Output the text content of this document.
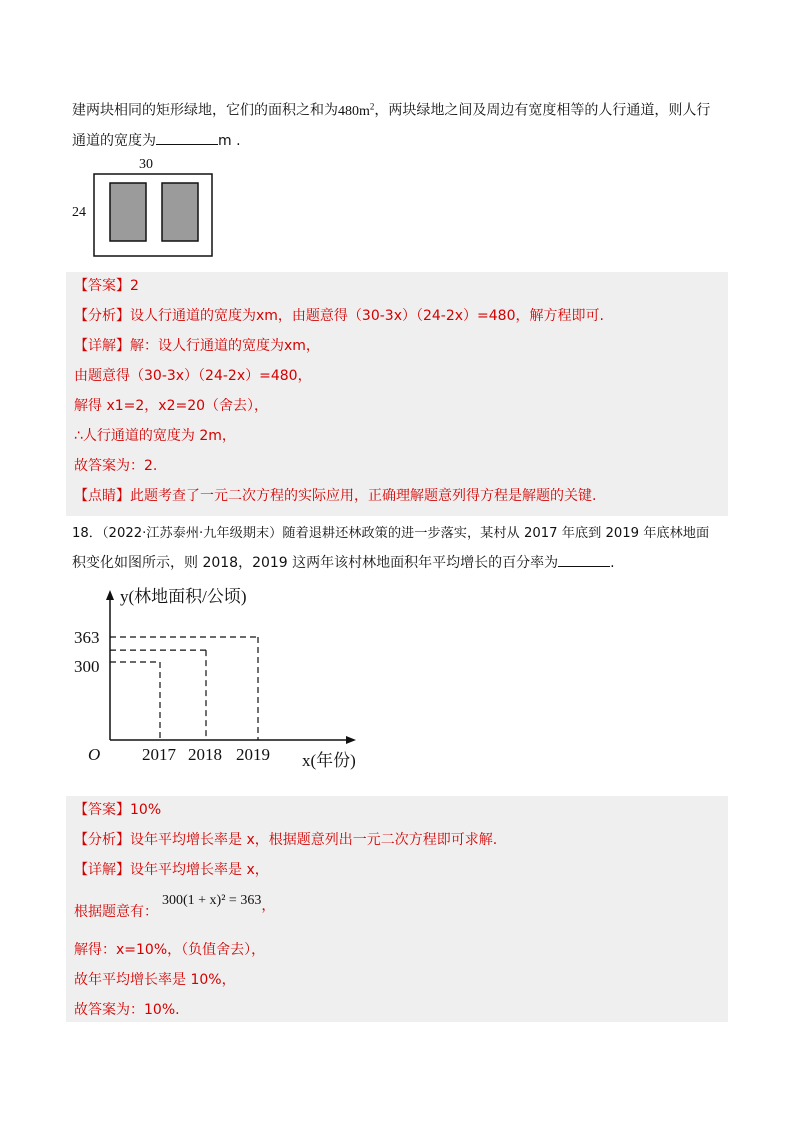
建两块相同的矩形绿地，它们的面积之和为$480m^2$，两块绿地之间及周边有宽度相等的人行通道，则人行
通道的宽度为	m .
30
24
【答案】2
【分析】设人行通道的宽度为xm，由题意得（30-3x）（24-2x）=480，解方程即可.
【详解】解：设人行通道的宽度为xm，
由题意得（30-3x）（24-2x）=480，
解得 x1=2，x2=20（舍去），
∴人行通道的宽度为 2m，
故答案为：2.
【点睛】此题考查了一元二次方程的实际应用，正确理解题意列得方程是解题的关键.
18．（2022·江苏泰州·九年级期末）随着退耕还林政策的进一步落实，某村从 2017 年底到 2019 年底林地面
积变化如图所示，则 2018，2019 这两年该村林地面积年平均增长的百分率为	.
y(林地面积/公顷)
x(年份)
O 2017 2018 2019
363
300
【答案】10%
【分析】设年平均增长率是 x，根据题意列出一元二次方程即可求解.
【详解】设年平均增长率是 x，
根据题意有：300(1 + x)² = 363，
解得：x=10%，（负值舍去），
故年平均增长率是 10%，
故答案为：10%.
